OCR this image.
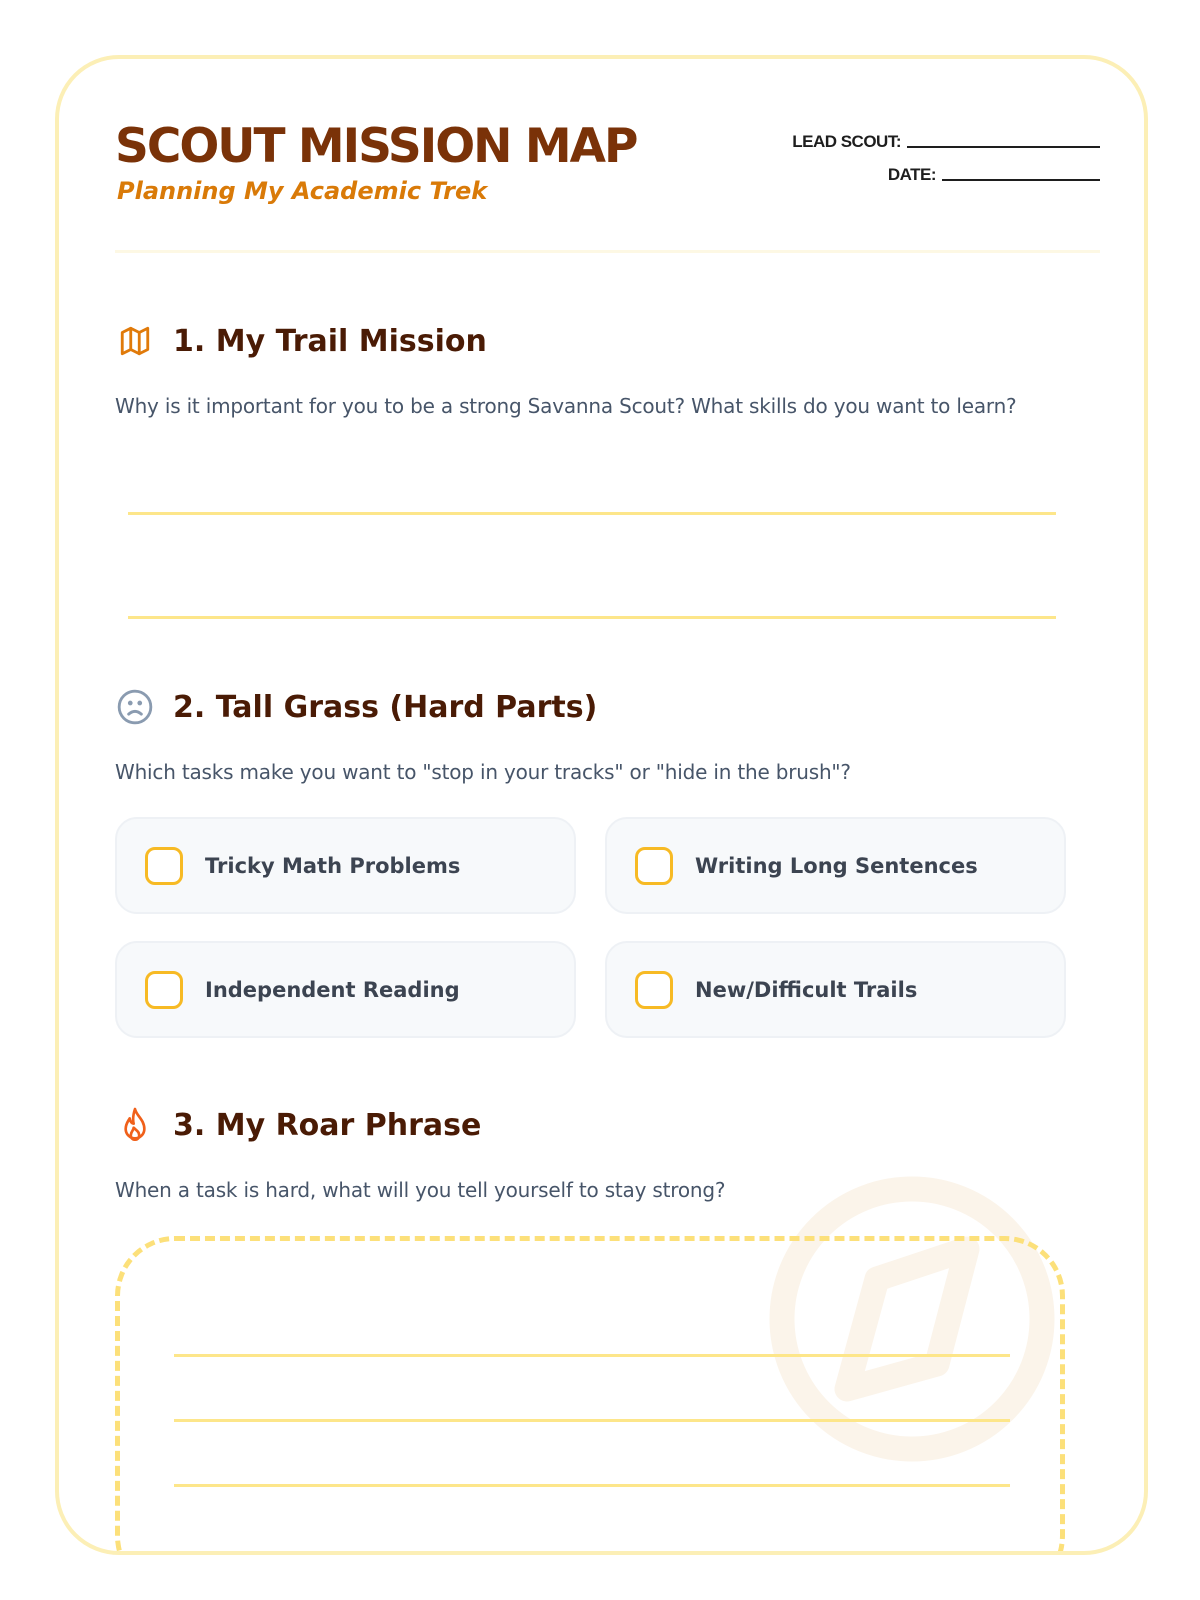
SCOUT MISSION MAP
Planning My Academic Trek
LEAD SCOUT:
DATE:
1. My Trail Mission
Why is it important for you to be a strong Savanna Scout? What skills do you want to learn?
2. Tall Grass (Hard Parts)
Which tasks make you want to "stop in your tracks" or "hide in the brush"?
Tricky Math Problems	Writing Long Sentences
Independent Reading	New/Difficult Trails
3. My Roar Phrase
When a task is hard, what will you tell yourself to stay strong?
